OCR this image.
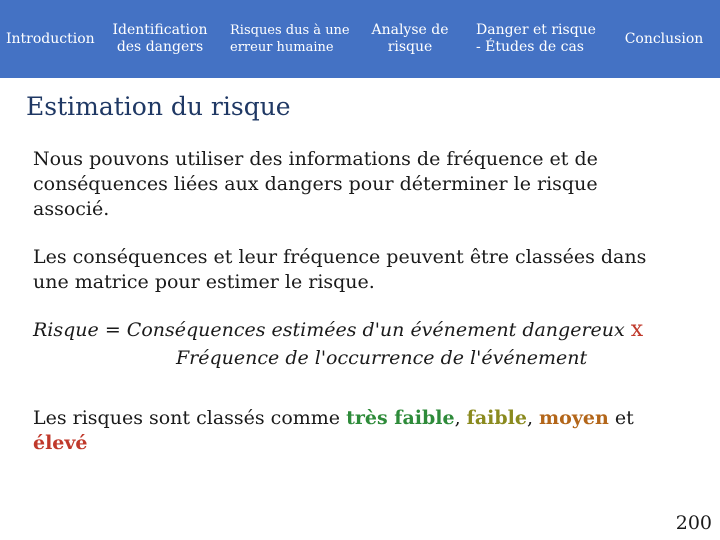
Introduction
Identification
des dangers
Risques dus à une
erreur humaine
Analyse de
risque
Danger et risque
- Études de cas
Conclusion
Estimation du risque

Nous pouvons utiliser des informations de fréquence et de conséquences liées aux dangers pour déterminer le risque associé.

Les conséquences et leur fréquence peuvent être classées dans une matrice pour estimer le risque.

Risque = Conséquences estimées d'un événement dangereux x
Fréquence de l'occurrence de l'événement

Les risques sont classés comme très faible, faible, moyen et
élevé

200
